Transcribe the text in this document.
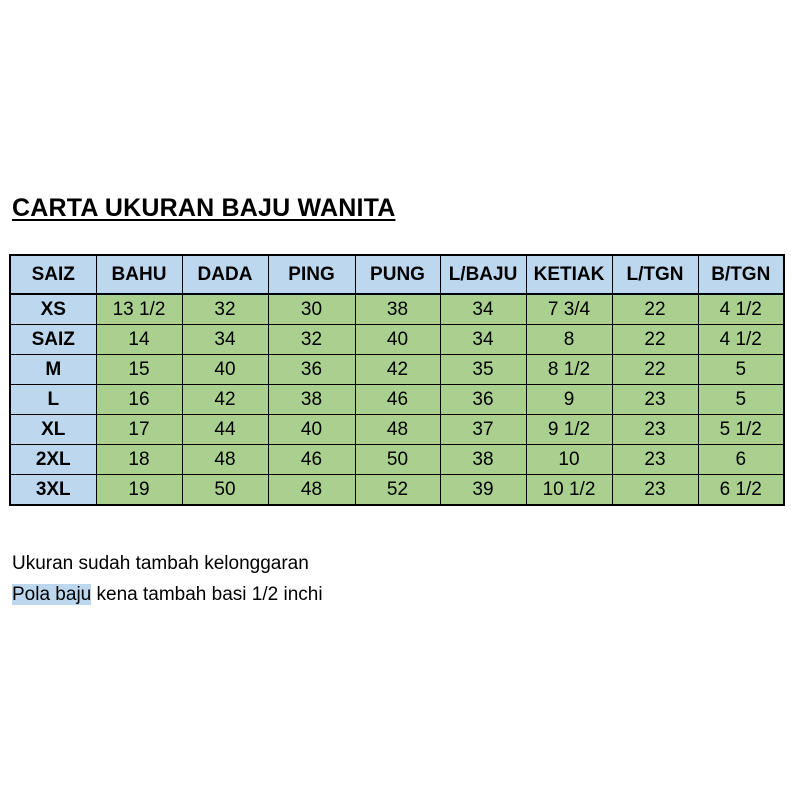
CARTA UKURAN BAJU WANITA
SAIZ	BAHU	DADA	PING	PUNG	L/BAJU	KETIAK	L/TGN	B/TGN
XS	13 1/2	32	30	38	34	7 3/4	22	4 1/2
SAIZ	14	34	32	40	34	8	22	4 1/2
M	15	40	36	42	35	8 1/2	22	5
L	16	42	38	46	36	9	23	5
XL	17	44	40	48	37	9 1/2	23	5 1/2
2XL	18	48	46	50	38	10	23	6
3XL	19	50	48	52	39	10 1/2	23	6 1/2
Ukuran sudah tambah kelonggaran
Pola baju kena tambah basi 1/2 inchi
